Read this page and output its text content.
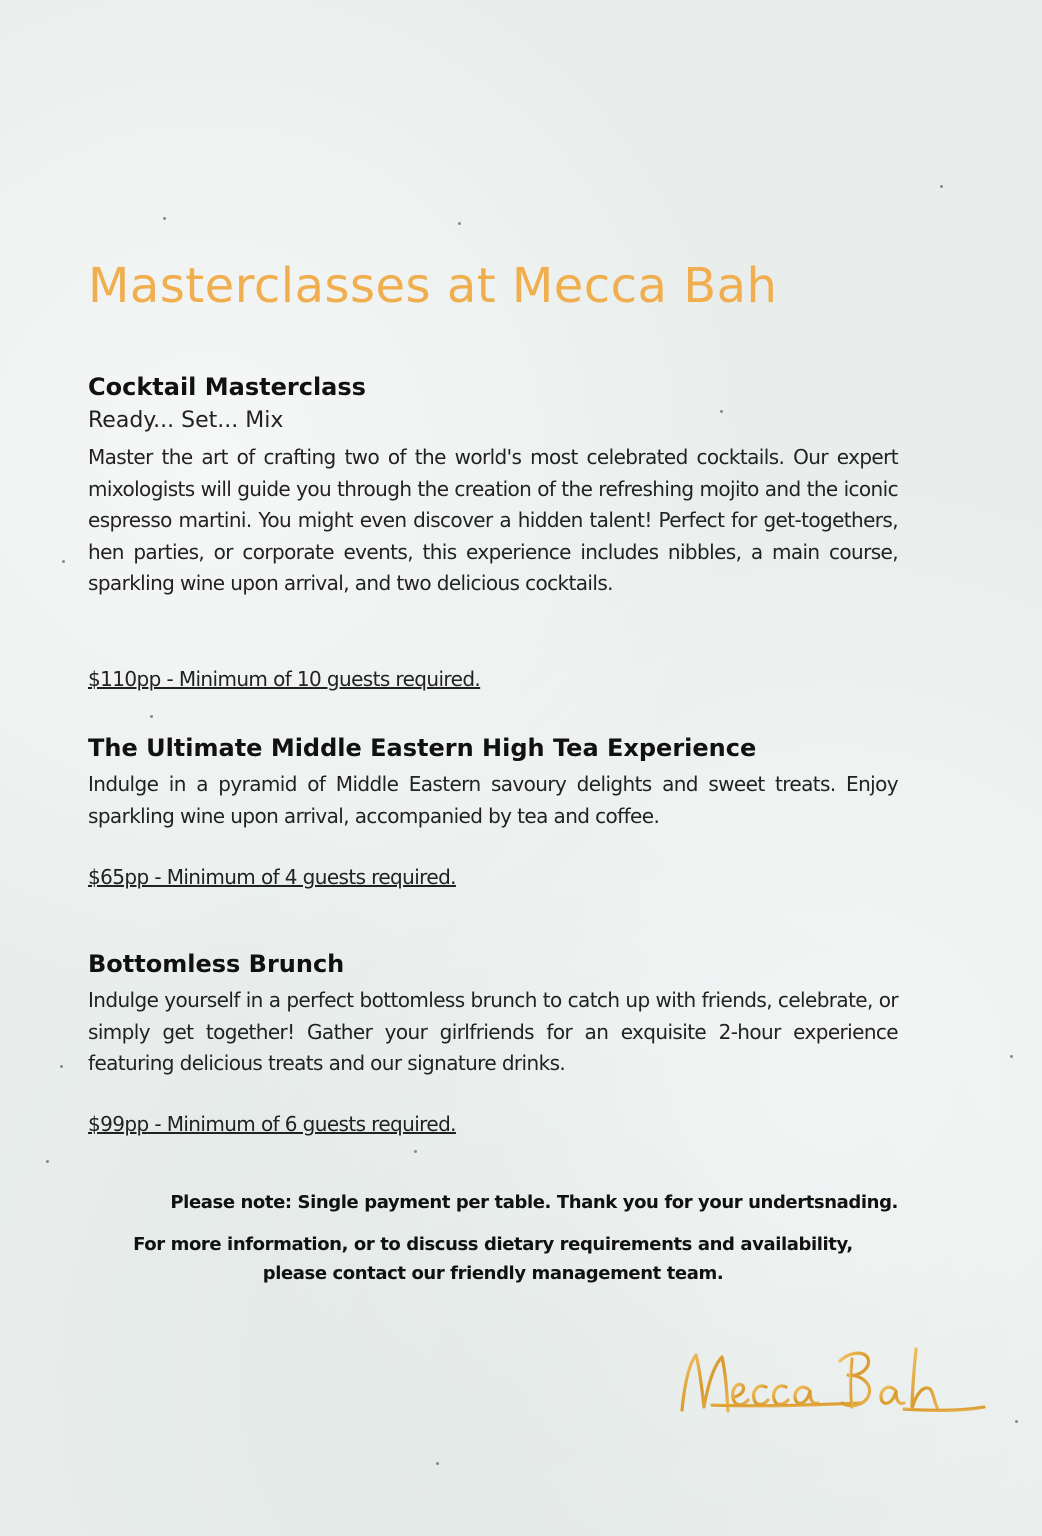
Masterclasses at Mecca Bah
Cocktail Masterclass
Ready... Set... Mix

Master the art of crafting two of the world's most celebrated cocktails. Our expert mixologists will guide you through the creation of the refreshing mojito and the iconic espresso martini. You might even discover a hidden talent! Perfect for get-togethers, hen parties, or corporate events, this experience includes nibbles, a main course, sparkling wine upon arrival, and two delicious cocktails.

$110pp - Minimum of 10 guests required.
The Ultimate Middle Eastern High Tea Experience

Indulge in a pyramid of Middle Eastern savoury delights and sweet treats. Enjoy sparkling wine upon arrival, accompanied by tea and coffee.

$65pp - Minimum of 4 guests required.
Bottomless Brunch

Indulge yourself in a perfect bottomless brunch to catch up with friends, celebrate, or simply get together! Gather your girlfriends for an exquisite 2-hour experience featuring delicious treats and our signature drinks.

$99pp - Minimum of 6 guests required.
Please note: Single payment per table. Thank you for your undertsnading.
For more information, or to discuss dietary requirements and availability,
please contact our friendly management team.
Mecca Bah
